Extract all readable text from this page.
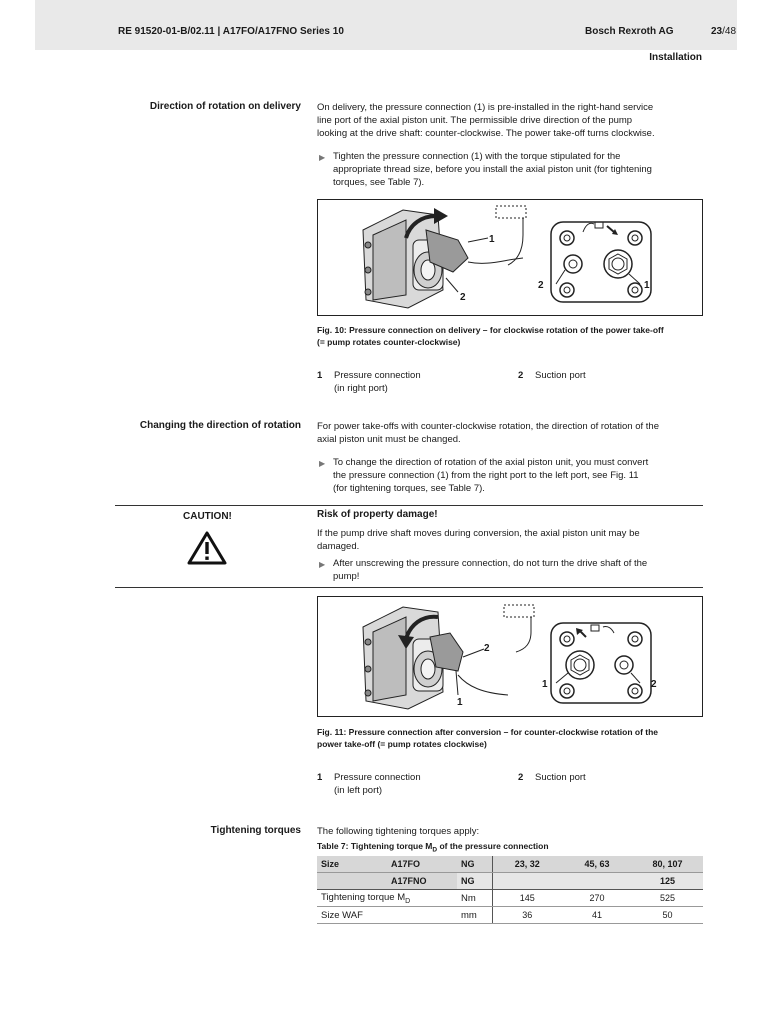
RE 91520-01-B/02.11 | A17FO/A17FNO Series 10	Bosch Rexroth AG	23/48
Installation
Direction of rotation on delivery On delivery, the pressure connection (1) is pre-installed in the right-hand service
line port of the axial piston unit. The permissible drive direction of the pump
looking at the drive shaft: counter-clockwise. The power take-off turns clockwise.
▶ Tighten the pressure connection (1) with the torque stipulated for the
appropriate thread size, before you install the axial piston unit (for tightening
torques, see Table 7).
1
2
2	1
Fig. 10: Pressure connection on delivery – for clockwise rotation of the power take-off
(= pump rotates counter-clockwise)
1 Pressure connection
(in right port)
2 Suction port
Changing the direction of rotation For power take-offs with counter-clockwise rotation, the direction of rotation of the
axial piston unit must be changed.
▶ To change the direction of rotation of the axial piston unit, you must convert
the pressure connection (1) from the right port to the left port, see Fig. 11
(for tightening torques, see Table 7).
CAUTION!	Risk of property damage!
If the pump drive shaft moves during conversion, the axial piston unit may be
damaged.
▶ After unscrewing the pressure connection, do not turn the drive shaft of the
pump!
2
1
1	2
Fig. 11: Pressure connection after conversion – for counter-clockwise rotation of the
power take-off (= pump rotates clockwise)
1 Pressure connection
(in left port)
2 Suction port
Tightening torques The following tightening torques apply:
Table 7: Tightening torque $M_D$ of the pressure connection
Size	A17FO	NG	23, 32	45, 63	80, 107
	A17FNO	NG			125
Tightening torque $M_D$		Nm	145	270	525
Size WAF		mm	36	41	50
